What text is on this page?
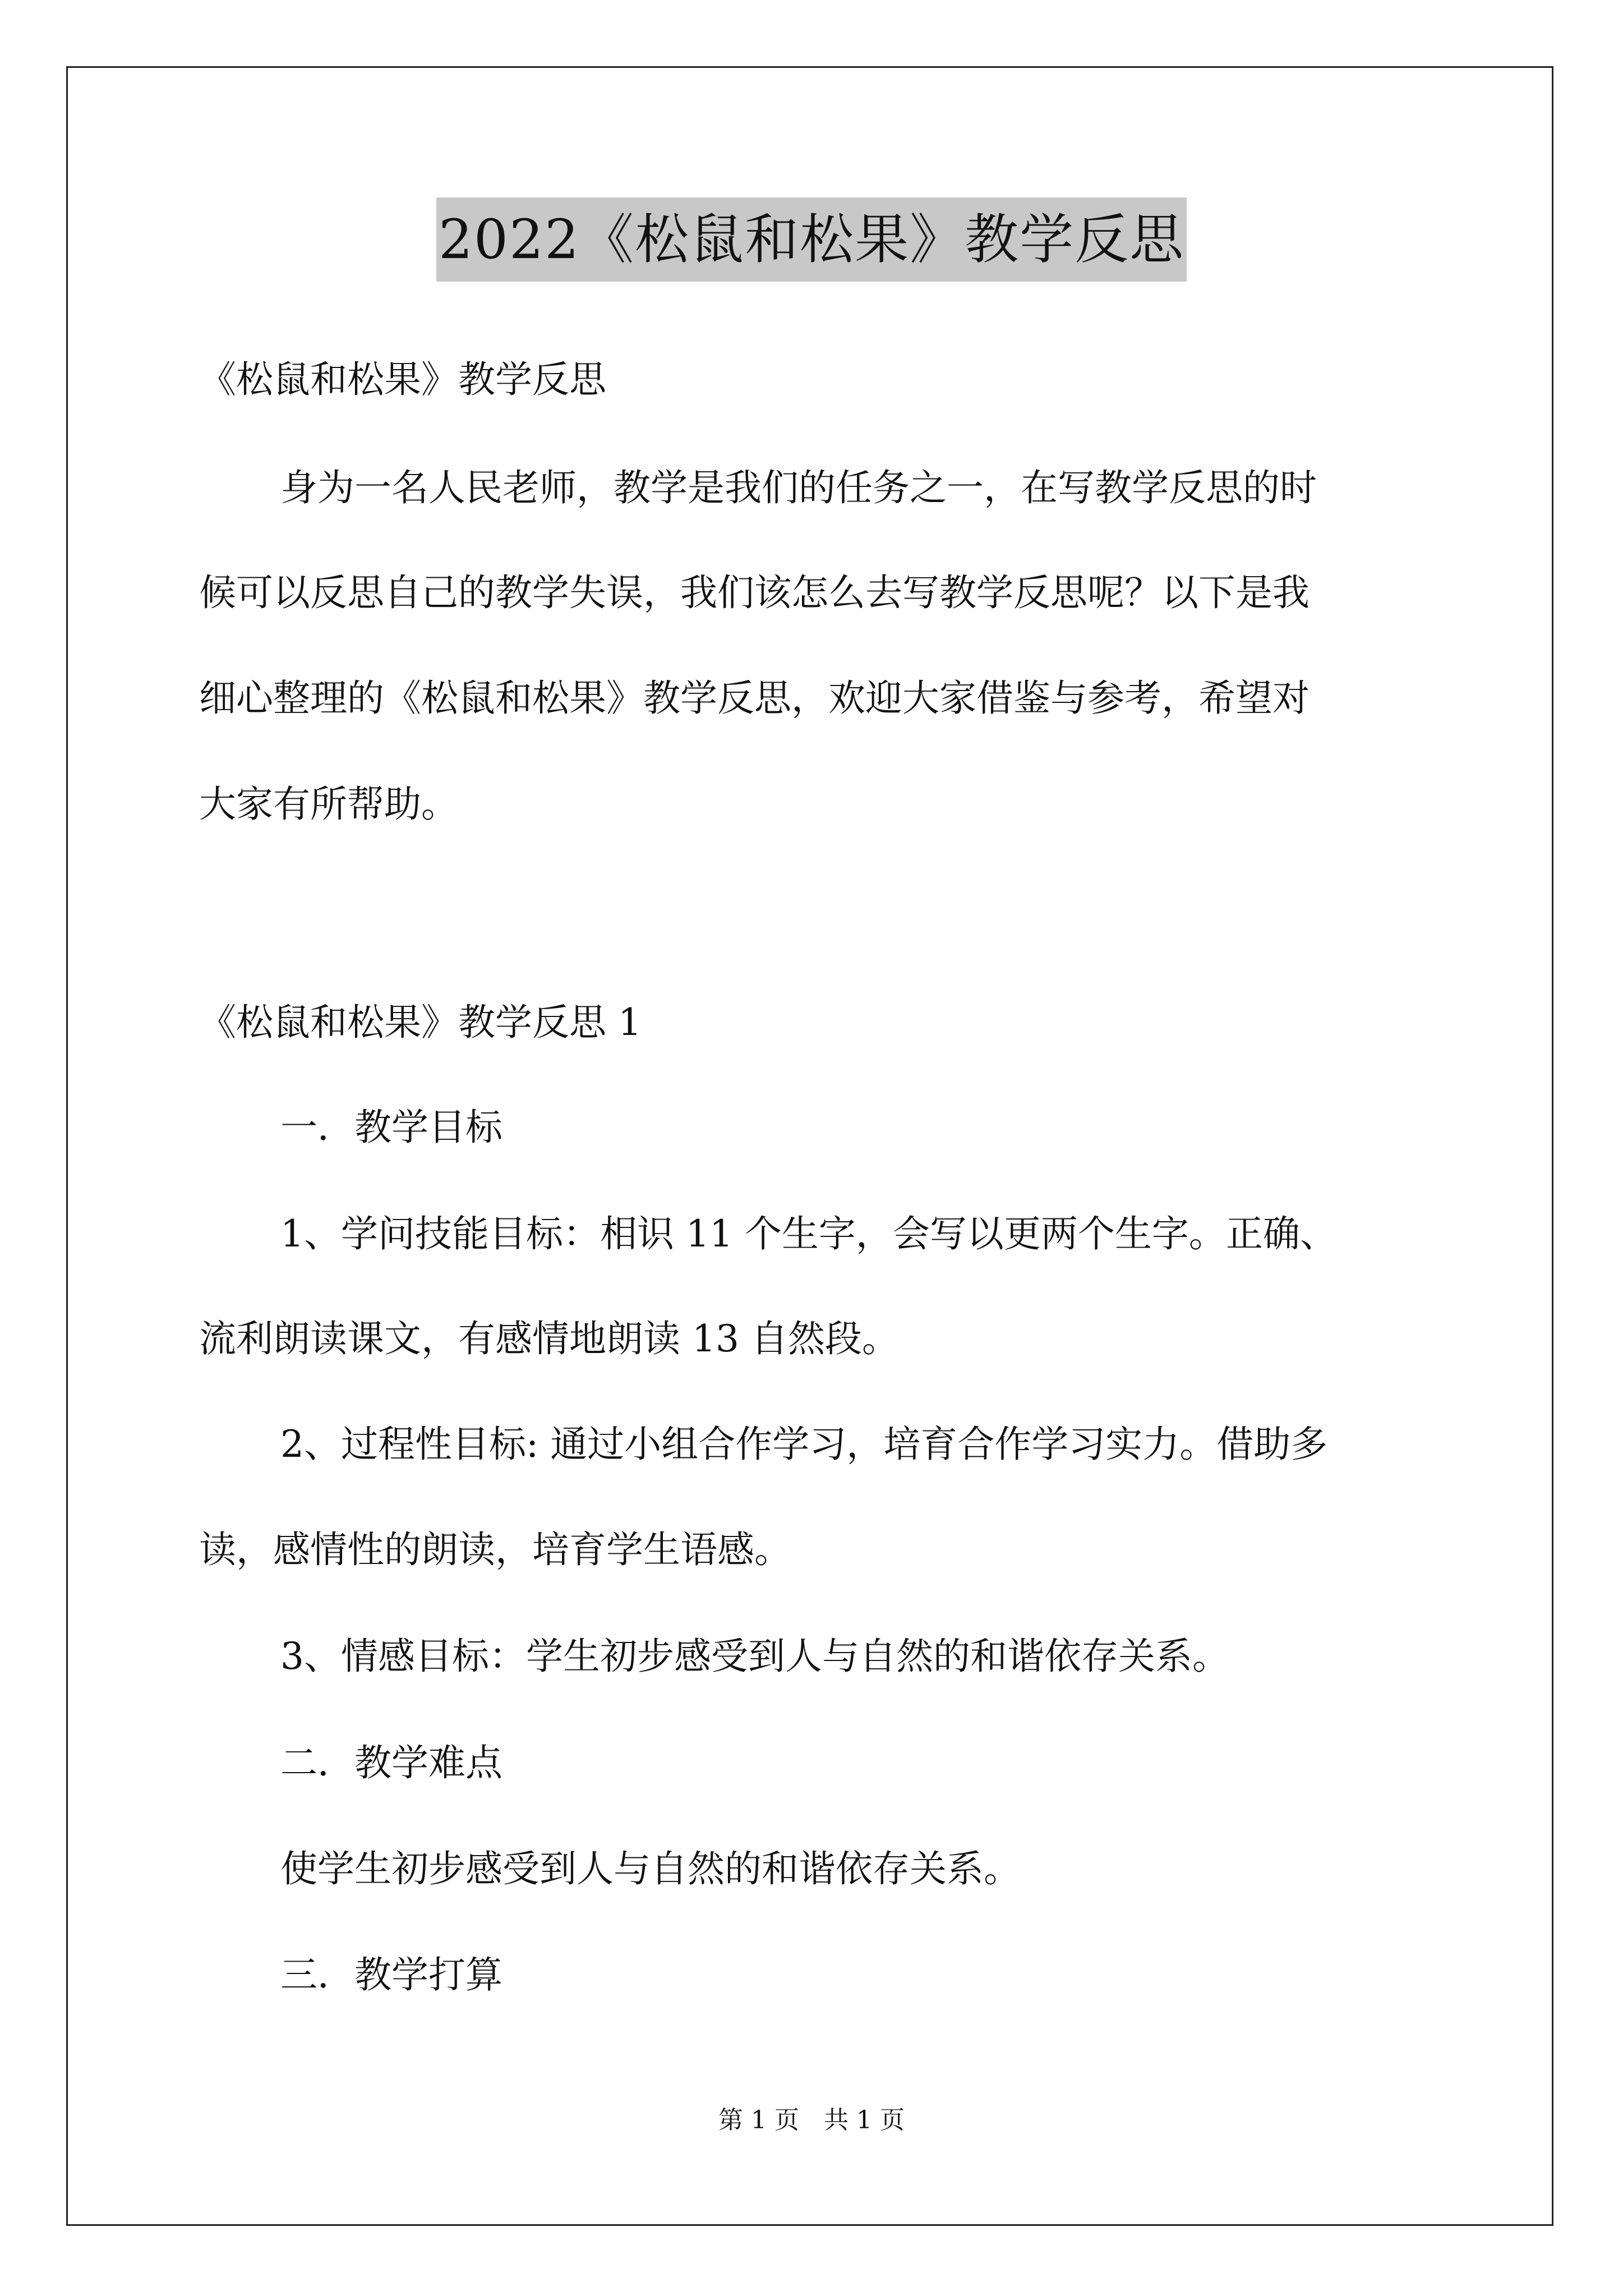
2022《松鼠和松果》教学反思
《松鼠和松果》教学反思
身为一名人民老师，教学是我们的任务之一，在写教学反思的时
候可以反思自己的教学失误，我们该怎么去写教学反思呢？以下是我
细心整理的《松鼠和松果》教学反思，欢迎大家借鉴与参考，希望对
大家有所帮助。
《松鼠和松果》教学反思 1
一．教学目标
1、学问技能目标：相识 11 个生字，会写以更两个生字。正确、
流利朗读课文，有感情地朗读 13 自然段。
2、过程性目标: 通过小组合作学习，培育合作学习实力。借助多
读，感情性的朗读，培育学生语感。
3、情感目标：学生初步感受到人与自然的和谐依存关系。
二．教学难点
使学生初步感受到人与自然的和谐依存关系。
三．教学打算
第 1 页　共 1 页
